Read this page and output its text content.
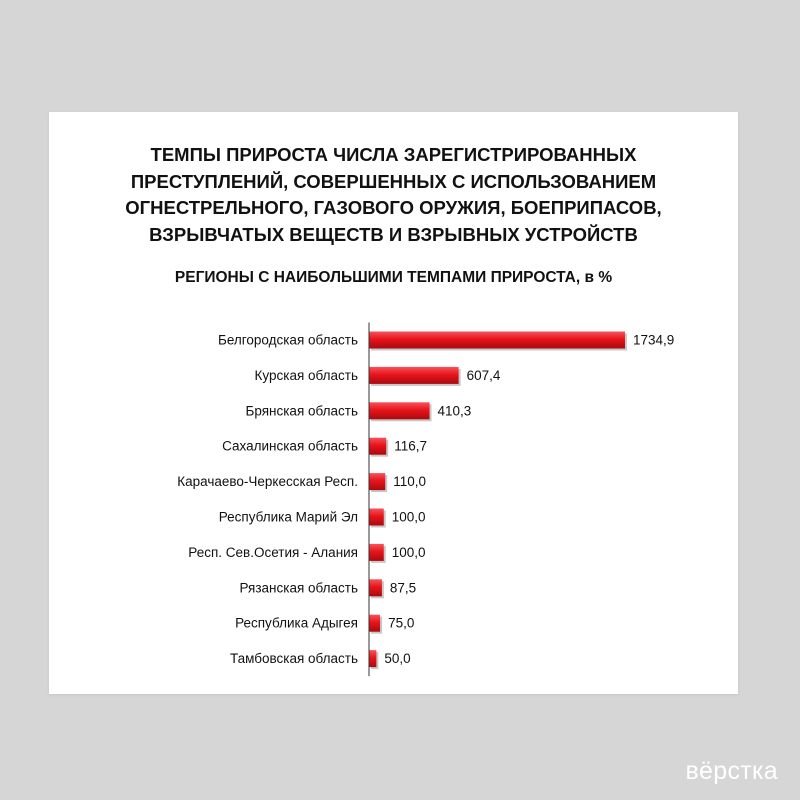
ТЕМПЫ ПРИРОСТА ЧИСЛА ЗАРЕГИСТРИРОВАННЫХ
ПРЕСТУПЛЕНИЙ, СОВЕРШЕННЫХ С ИСПОЛЬЗОВАНИЕМ
ОГНЕСТРЕЛЬНОГО, ГАЗОВОГО ОРУЖИЯ, БОЕПРИПАСОВ,
ВЗРЫВЧАТЫХ ВЕЩЕСТВ И ВЗРЫВНЫХ УСТРОЙСТВ
РЕГИОНЫ С НАИБОЛЬШИМИ ТЕМПАМИ ПРИРОСТА, в %
Белгородская область	1734,9
Курская область	607,4
Брянская область	410,3
Сахалинская область	116,7
Карачаево-Черкесская Респ.	110,0
Республика Марий Эл	100,0
Респ. Сев.Осетия - Алания	100,0
Рязанская область 87,5
Республика Адыгея 75,0
Тамбовская область 50,0
вёрстка
